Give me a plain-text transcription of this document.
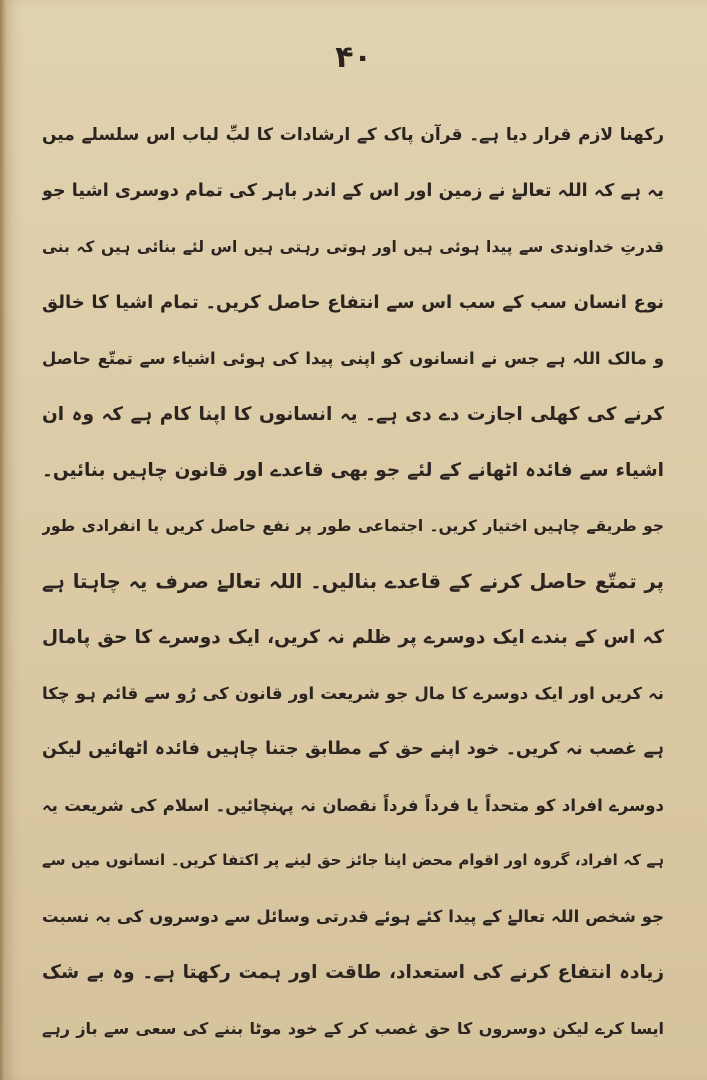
۴۰
رکھنا لازم قرار دیا ہے۔ قرآن پاک کے ارشادات کا لبِّ لباب اس سلسلے میں
یہ ہے کہ اللہ تعالےٰ نے زمین اور اس کے اندر باہر کی تمام دوسری اشیا جو
قدرتِ خداوندی سے پیدا ہوئی ہیں اور ہوتی رہتی ہیں اس لئے بنائی ہیں کہ بنی
نوع انسان سب کے سب اس سے انتفاع حاصل کریں۔ تمام اشیا کا خالق
و مالک اللہ ہے جس نے انسانوں کو اپنی پیدا کی ہوئی اشیاء سے تمتّع حاصل
کرنے کی کھلی اجازت دے دی ہے۔ یہ انسانوں کا اپنا کام ہے کہ وہ ان
اشیاء سے فائدہ اٹھانے کے لئے جو بھی قاعدے اور قانون چاہیں بنائیں۔
جو طریقے چاہیں اختیار کریں۔ اجتماعی طور پر نفع حاصل کریں یا انفرادی طور
پر تمتّع حاصل کرنے کے قاعدے بنالیں۔ اللہ تعالےٰ صرف یہ چاہتا ہے
کہ اس کے بندے ایک دوسرے پر ظلم نہ کریں، ایک دوسرے کا حق پامال
نہ کریں اور ایک دوسرے کا مال جو شریعت اور قانون کی رُو سے قائم ہو چکا
ہے غصب نہ کریں۔ خود اپنے حق کے مطابق جتنا چاہیں فائدہ اٹھائیں لیکن
دوسرے افراد کو متحداً یا فرداً فرداً نقصان نہ پہنچائیں۔ اسلام کی شریعت یہ
ہے کہ افراد، گروہ اور اقوام محض اپنا جائز حق لینے پر اکتفا کریں۔ انسانوں میں سے
جو شخص اللہ تعالےٰ کے پیدا کئے ہوئے قدرتی وسائل سے دوسروں کی بہ نسبت
زیادہ انتفاع کرنے کی استعداد، طاقت اور ہمت رکھتا ہے۔ وہ بے شک
ایسا کرے لیکن دوسروں کا حق غصب کر کے خود موٹا بننے کی سعی سے باز رہے
